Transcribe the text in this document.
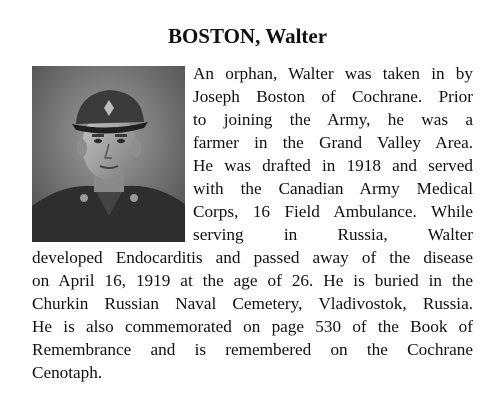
BOSTON, Walter
An orphan, Walter was taken in by
Joseph Boston of Cochrane. Prior
to joining the Army, he was a
farmer in the Grand Valley Area.
He was drafted in 1918 and served
with the Canadian Army Medical
Corps, 16 Field Ambulance. While
serving in Russia, Walter
developed Endocarditis and passed away of the disease
on April 16, 1919 at the age of 26. He is buried in the
Churkin Russian Naval Cemetery, Vladivostok, Russia.
He is also commemorated on page 530 of the Book of
Remembrance and is remembered on the Cochrane
Cenotaph.
